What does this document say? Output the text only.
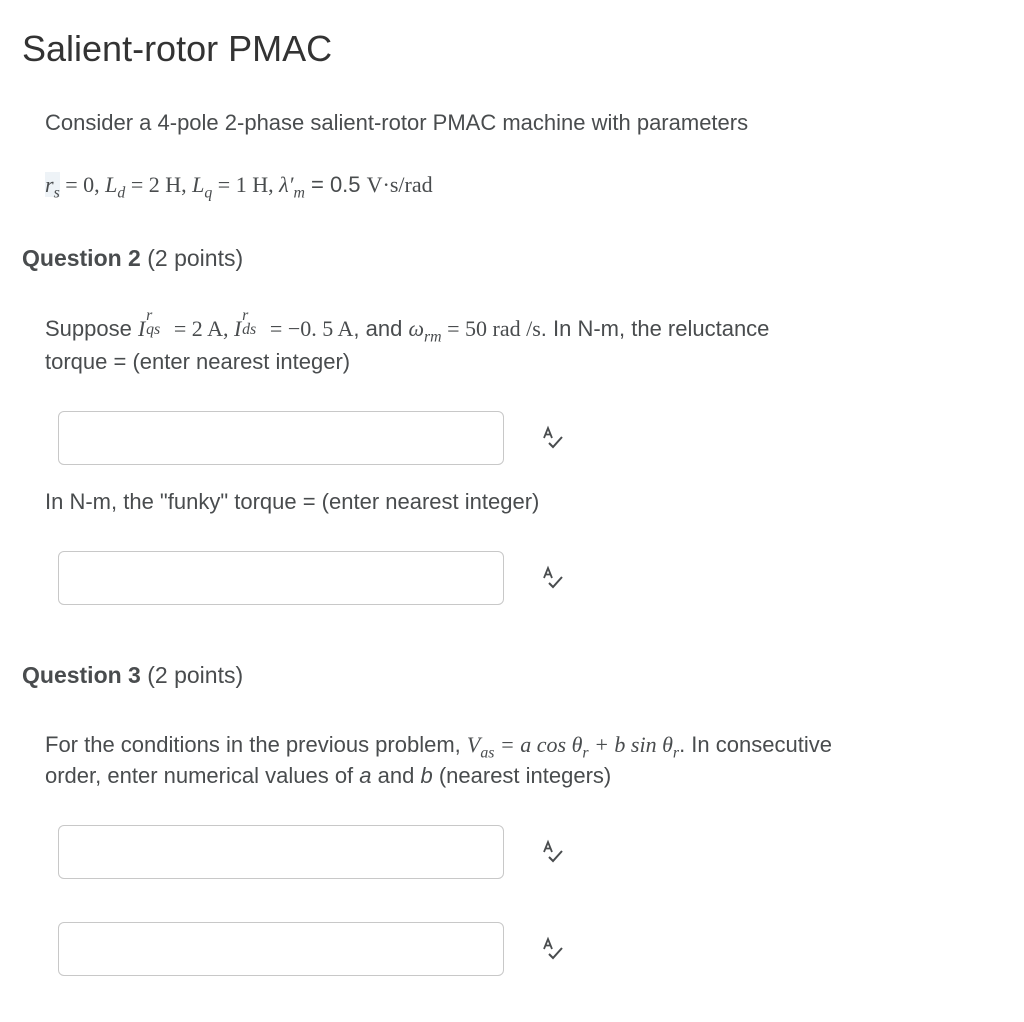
Salient-rotor PMAC
Consider a 4-pole 2-phase salient-rotor PMAC machine with parameters
$r_s = 0$, $L_d = 2$ H, $L_q = 1$ H, $\lambda'_m = 0.5$ V·s/rad
Question 2 (2 points)
Suppose I
r
qs = 2 A, I
r
ds = −0. 5 A, and $\omega_{rm} = 50$ rad /s. In N-m, the reluctance
torque = (enter nearest integer)
In N-m, the "funky" torque = (enter nearest integer)
Question 3 (2 points)
For the conditions in the previous problem, $V_{as} = a$ $\cos \theta_r + b$ $\sin \theta_r$. In consecutive
order, enter numerical values of a and b (nearest integers)
